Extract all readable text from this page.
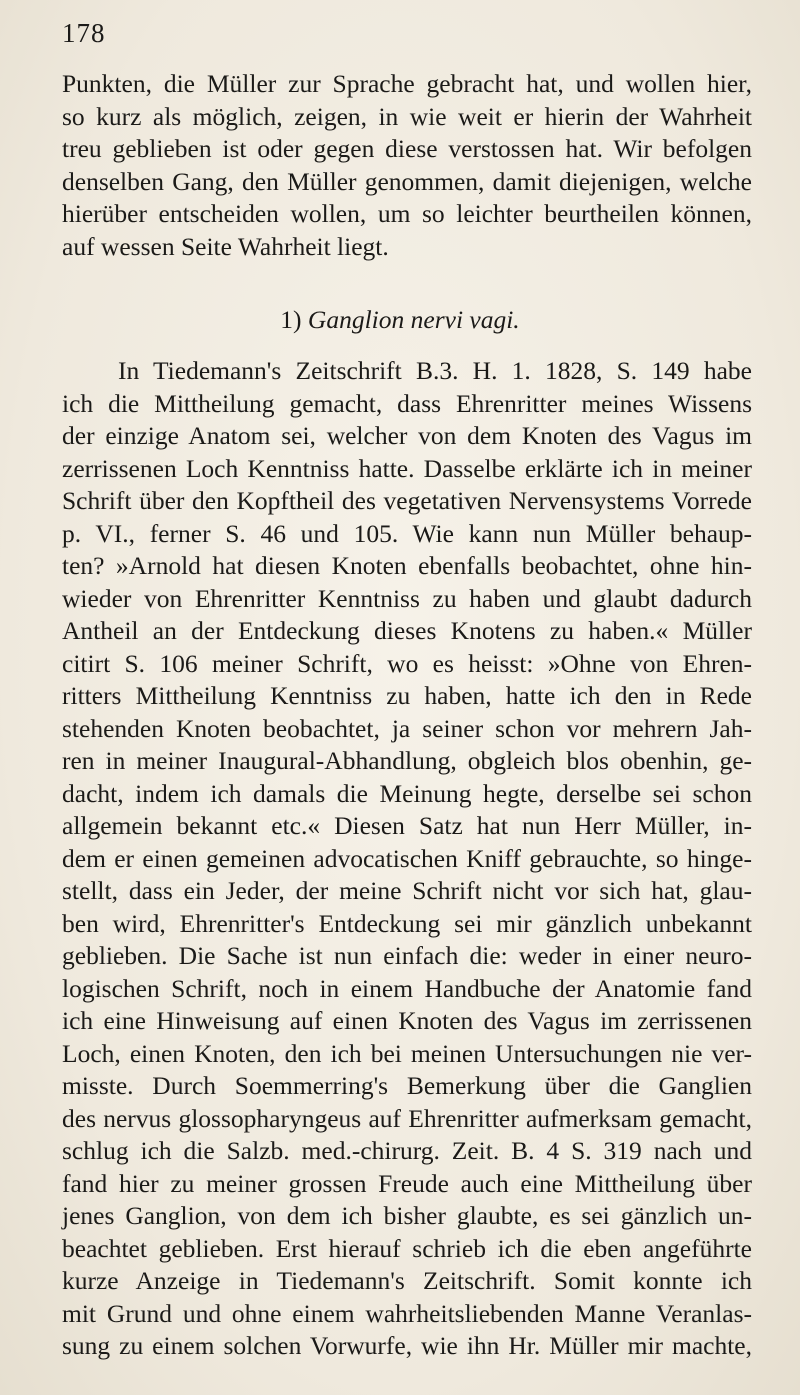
178
Punkten, die Müller zur Sprache gebracht hat, und wollen hier,
so kurz als möglich, zeigen, in wie weit er hierin der Wahrheit
treu geblieben ist oder gegen diese verstossen hat. Wir befolgen
denselben Gang, den Müller genommen, damit diejenigen, welche
hierüber entscheiden wollen, um so leichter beurtheilen können,
auf wessen Seite Wahrheit liegt.
1) Ganglion nervi vagi.
In Tiedemann's Zeitschrift B.3. H. 1. 1828, S. 149 habe
ich die Mittheilung gemacht, dass Ehrenritter meines Wissens
der einzige Anatom sei, welcher von dem Knoten des Vagus im
zerrissenen Loch Kenntniss hatte. Dasselbe erklärte ich in meiner
Schrift über den Kopftheil des vegetativen Nervensystems Vorrede
p. VI., ferner S. 46 und 105. Wie kann nun Müller behaup-
ten? »Arnold hat diesen Knoten ebenfalls beobachtet, ohne hin-
wieder von Ehrenritter Kenntniss zu haben und glaubt dadurch
Antheil an der Entdeckung dieses Knotens zu haben.« Müller
citirt S. 106 meiner Schrift, wo es heisst: »Ohne von Ehren-
ritters Mittheilung Kenntniss zu haben, hatte ich den in Rede
stehenden Knoten beobachtet, ja seiner schon vor mehrern Jah-
ren in meiner Inaugural-Abhandlung, obgleich blos obenhin, ge-
dacht, indem ich damals die Meinung hegte, derselbe sei schon
allgemein bekannt etc.« Diesen Satz hat nun Herr Müller, in-
dem er einen gemeinen advocatischen Kniff gebrauchte, so hinge-
stellt, dass ein Jeder, der meine Schrift nicht vor sich hat, glau-
ben wird, Ehrenritter's Entdeckung sei mir gänzlich unbekannt
geblieben. Die Sache ist nun einfach die: weder in einer neuro-
logischen Schrift, noch in einem Handbuche der Anatomie fand
ich eine Hinweisung auf einen Knoten des Vagus im zerrissenen
Loch, einen Knoten, den ich bei meinen Untersuchungen nie ver-
misste. Durch Soemmerring's Bemerkung über die Ganglien
des nervus glossopharyngeus auf Ehrenritter aufmerksam gemacht,
schlug ich die Salzb. med.-chirurg. Zeit. B. 4 S. 319 nach und
fand hier zu meiner grossen Freude auch eine Mittheilung über
jenes Ganglion, von dem ich bisher glaubte, es sei gänzlich un-
beachtet geblieben. Erst hierauf schrieb ich die eben angeführte
kurze Anzeige in Tiedemann's Zeitschrift. Somit konnte ich
mit Grund und ohne einem wahrheitsliebenden Manne Veranlas-
sung zu einem solchen Vorwurfe, wie ihn Hr. Müller mir machte,
